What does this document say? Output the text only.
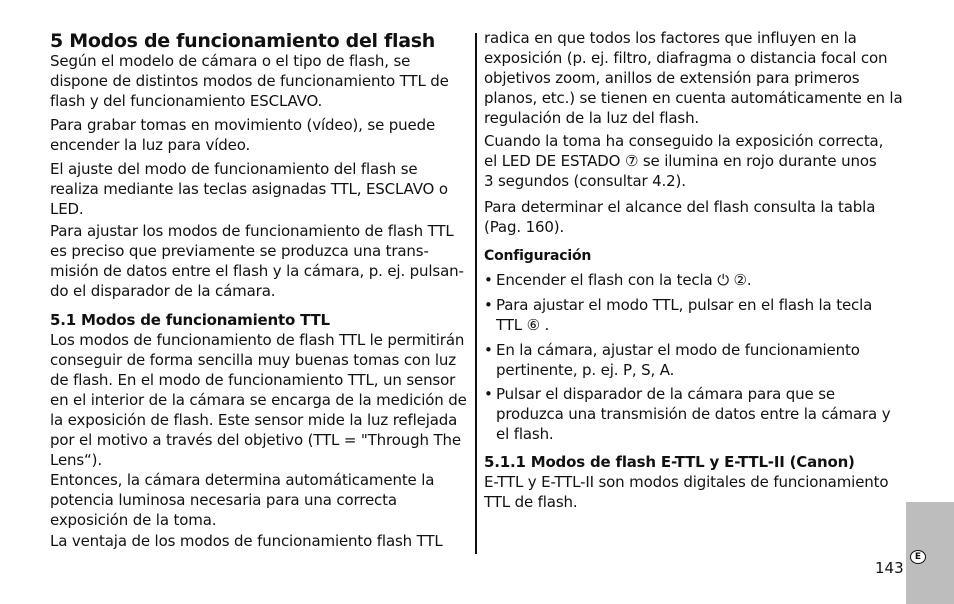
5 Modos de funcionamiento del flash

Según el modelo de cámara o el tipo de flash, se
dispone de distintos modos de funcionamiento TTL de
flash y del funcionamiento ESCLAVO.

Para grabar tomas en movimiento (vídeo), se puede
encender la luz para vídeo.

El ajuste del modo de funcionamiento del flash se
realiza mediante las teclas asignadas TTL, ESCLAVO o
LED.

Para ajustar los modos de funcionamiento de flash TTL
es preciso que previamente se produzca una trans-
misión de datos entre el flash y la cámara, p. ej. pulsan-
do el disparador de la cámara.

5.1 Modos de funcionamiento TTL

Los modos de funcionamiento de flash TTL le permitirán
conseguir de forma sencilla muy buenas tomas con luz
de flash. En el modo de funcionamiento TTL, un sensor
en el interior de la cámara se encarga de la medición de
la exposición de flash. Este sensor mide la luz reflejada
por el motivo a través del objetivo (TTL = "Through The
Lens“).
Entonces, la cámara determina automáticamente la
potencia luminosa necesaria para una correcta
exposición de la toma.

La ventaja de los modos de funcionamiento flash TTL

radica en que todos los factores que influyen en la
exposición (p. ej. filtro, diafragma o distancia focal con
objetivos zoom, anillos de extensión para primeros
planos, etc.) se tienen en cuenta automáticamente en la
regulación de la luz del flash.

Cuando la toma ha conseguido la exposición correcta,
el LED DE ESTADO ⑦ se ilumina en rojo durante unos
3 segundos (consultar 4.2).

Para determinar el alcance del flash consulta la tabla
(Pag. 160).

Configuración
• Encender el flash con la tecla ⏻ ②.
• Para ajustar el modo TTL, pulsar en el flash la tecla
TTL ⑥ .
• En la cámara, ajustar el modo de funcionamiento
pertinente, p. ej. P, S, A.
• Pulsar el disparador de la cámara para que se
produzca una transmisión de datos entre la cámara y
el flash.
5.1.1 Modos de flash E-TTL y E-TTL-II (Canon)

E-TTL y E-TTL-II son modos digitales de funcionamiento
TTL de flash.

E
143
